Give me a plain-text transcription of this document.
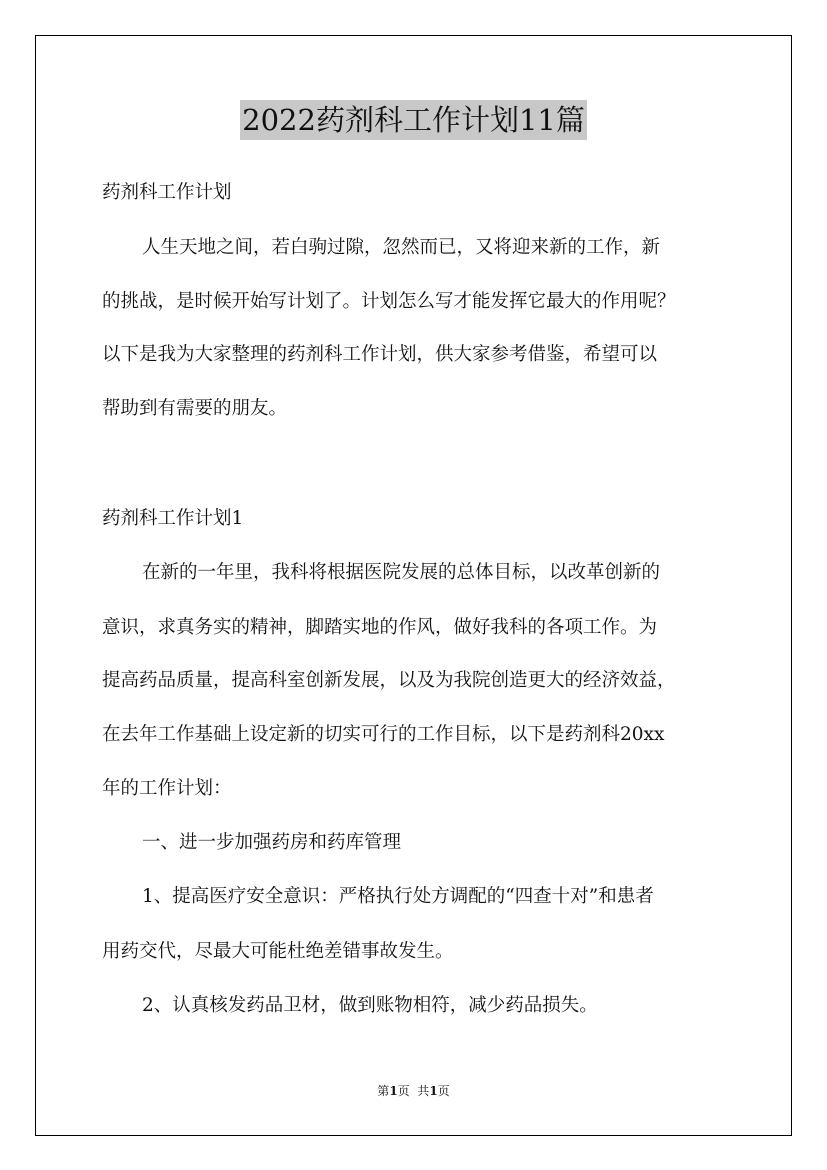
2022药剂科工作计划11篇

药剂科工作计划

人生天地之间，若白驹过隙，忽然而已，又将迎来新的工作，新

的挑战，是时候开始写计划了。计划怎么写才能发挥它最大的作用呢？

以下是我为大家整理的药剂科工作计划，供大家参考借鉴，希望可以

帮助到有需要的朋友。

药剂科工作计划1

在新的一年里，我科将根据医院发展的总体目标，以改革创新的

意识，求真务实的精神，脚踏实地的作风，做好我科的各项工作。为

提高药品质量，提高科室创新发展，以及为我院创造更大的经济效益，

在去年工作基础上设定新的切实可行的工作目标，以下是药剂科20xx

年的工作计划：

一、进一步加强药房和药库管理

1、提高医疗安全意识：严格执行处方调配的“四查十对”和患者

用药交代，尽最大可能杜绝差错事故发生。

2、认真核发药品卫材，做到账物相符，减少药品损失。

第1页  共1页
